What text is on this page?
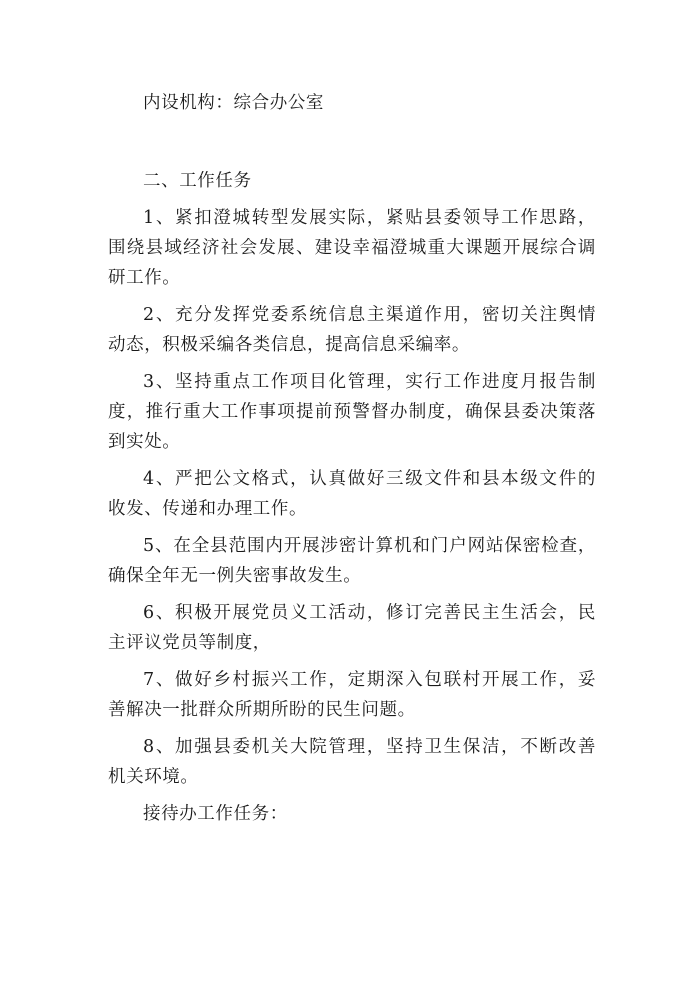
内设机构：综合办公室

二、工作任务

1、紧扣澄城转型发展实际，紧贴县委领导工作思路，

围绕县域经济社会发展、建设幸福澄城重大课题开展综合调

研工作。

2、充分发挥党委系统信息主渠道作用，密切关注舆情

动态，积极采编各类信息，提高信息采编率。

3、坚持重点工作项目化管理，实行工作进度月报告制

度，推行重大工作事项提前预警督办制度，确保县委决策落

到实处。

4、严把公文格式，认真做好三级文件和县本级文件的

收发、传递和办理工作。

5、在全县范围内开展涉密计算机和门户网站保密检查，

确保全年无一例失密事故发生。

6、积极开展党员义工活动，修订完善民主生活会，民

主评议党员等制度，

7、做好乡村振兴工作，定期深入包联村开展工作，妥

善解决一批群众所期所盼的民生问题。

8、加强县委机关大院管理，坚持卫生保洁，不断改善

机关环境。

接待办工作任务：
